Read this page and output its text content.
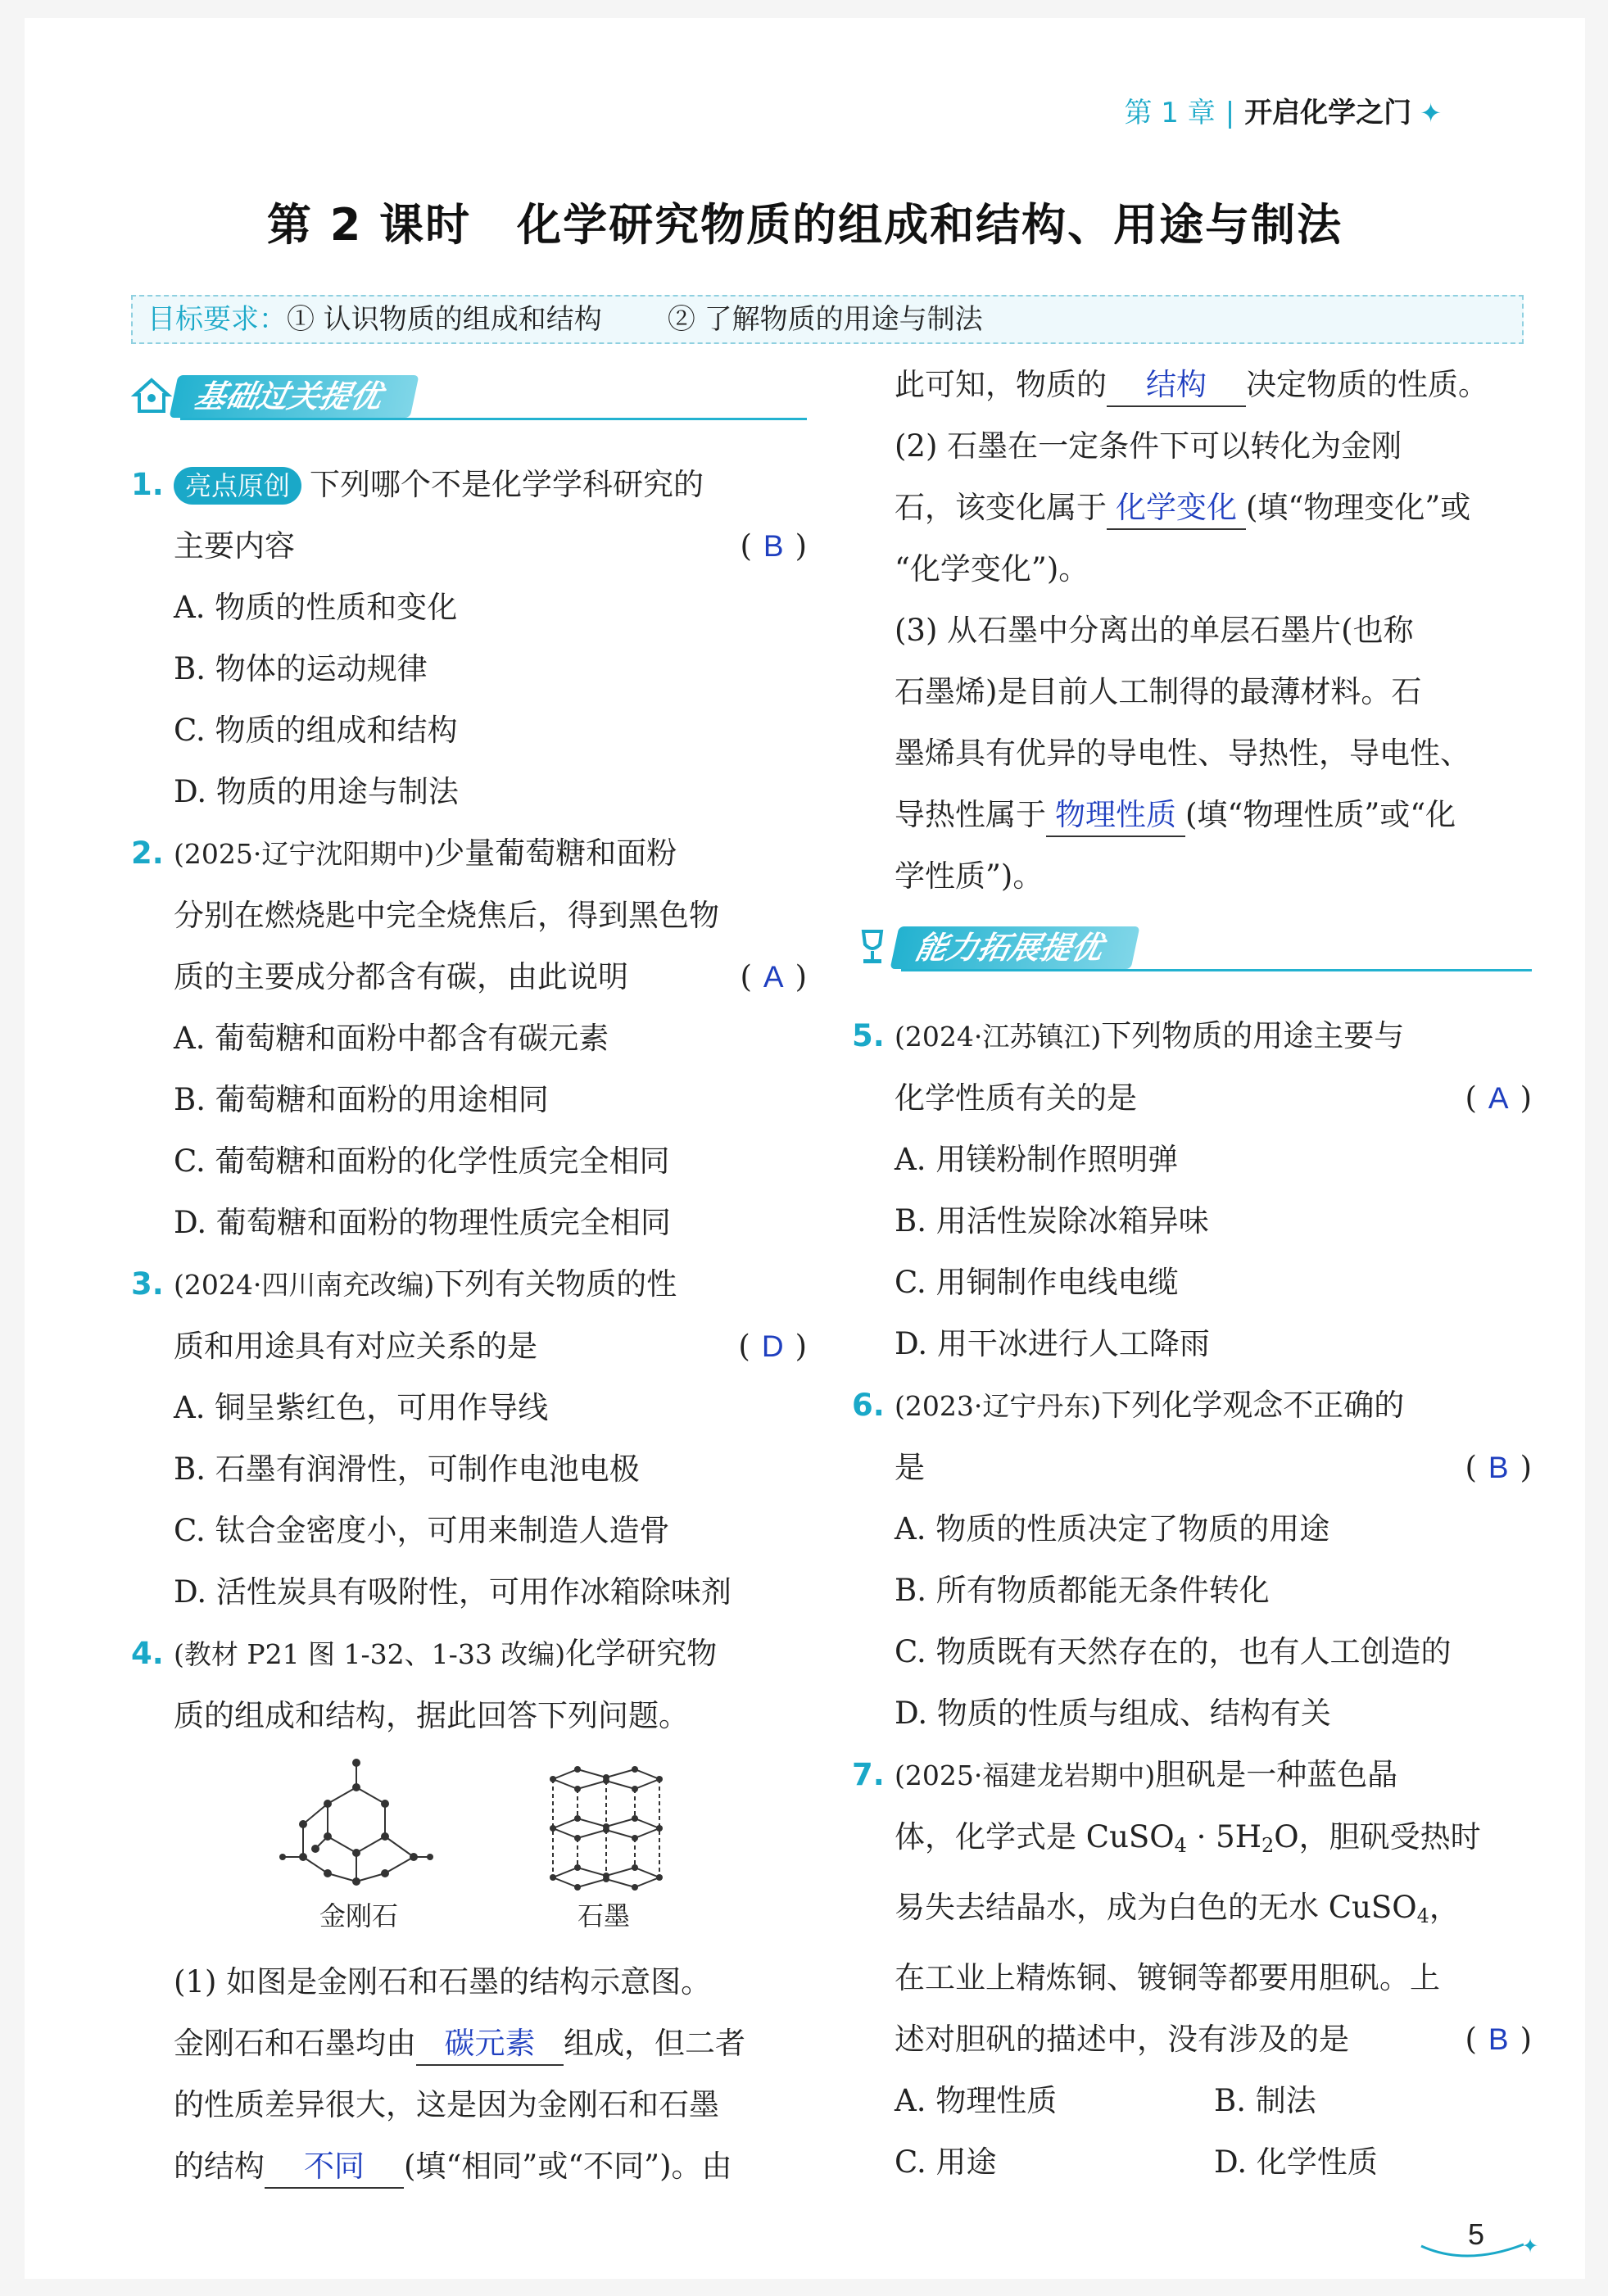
第 1 章 | 开启化学之门 ✦
第 2 课时　化学研究物质的组成和结构、用途与制法
目标要求：① 认识物质的组成和结构 ② 了解物质的用途与制法
基础过关提优
1. 亮点原创 下列哪个不是化学学科研究的
主要内容	( B )
A. 物质的性质和变化
B. 物体的运动规律
C. 物质的组成和结构
D. 物质的用途与制法
2. (2025·辽宁沈阳期中)少量葡萄糖和面粉
分别在燃烧匙中完全烧焦后，得到黑色物
质的主要成分都含有碳，由此说明	( A )
A. 葡萄糖和面粉中都含有碳元素
B. 葡萄糖和面粉的用途相同
C. 葡萄糖和面粉的化学性质完全相同
D. 葡萄糖和面粉的物理性质完全相同
3. (2024·四川南充改编)下列有关物质的性
质和用途具有对应关系的是	( D )
A. 铜呈紫红色，可用作导线
B. 石墨有润滑性，可制作电池电极
C. 钛合金密度小，可用来制造人造骨
D. 活性炭具有吸附性，可用作冰箱除味剂
4. (教材 P21 图 1-32、1-33 改编)化学研究物
质的组成和结构，据此回答下列问题。
金刚石	石墨
(1) 如图是金刚石和石墨的结构示意图。
金刚石和石墨均由 碳元素 组成，但二者
的性质差异很大，这是因为金刚石和石墨
的结构 不同 (填“相同”或“不同”)。由
此可知，物质的 结构 决定物质的性质。
(2) 石墨在一定条件下可以转化为金刚
石，该变化属于 化学变化 (填“物理变化”或
“化学变化”)。
(3) 从石墨中分离出的单层石墨片(也称
石墨烯)是目前人工制得的最薄材料。石
墨烯具有优异的导电性、导热性，导电性、
导热性属于 物理性质 (填“物理性质”或“化
学性质”)。
能力拓展提优
5. (2024·江苏镇江)下列物质的用途主要与
化学性质有关的是	( A )
A. 用镁粉制作照明弹
B. 用活性炭除冰箱异味
C. 用铜制作电线电缆
D. 用干冰进行人工降雨
6. (2023·辽宁丹东)下列化学观念不正确的
是	( B )
A. 物质的性质决定了物质的用途
B. 所有物质都能无条件转化
C. 物质既有天然存在的，也有人工创造的
D. 物质的性质与组成、结构有关
7. (2025·福建龙岩期中)胆矾是一种蓝色晶
体，化学式是 CuSO$_4$ · $5H_2O$，胆矾受热时
易失去结晶水，成为白色的无水 CuSO$_4$，
在工业上精炼铜、镀铜等都要用胆矾。上
述对胆矾的描述中，没有涉及的是	( B )
A. 物理性质	B. 制法
C. 用途	D. 化学性质
5 ✦
